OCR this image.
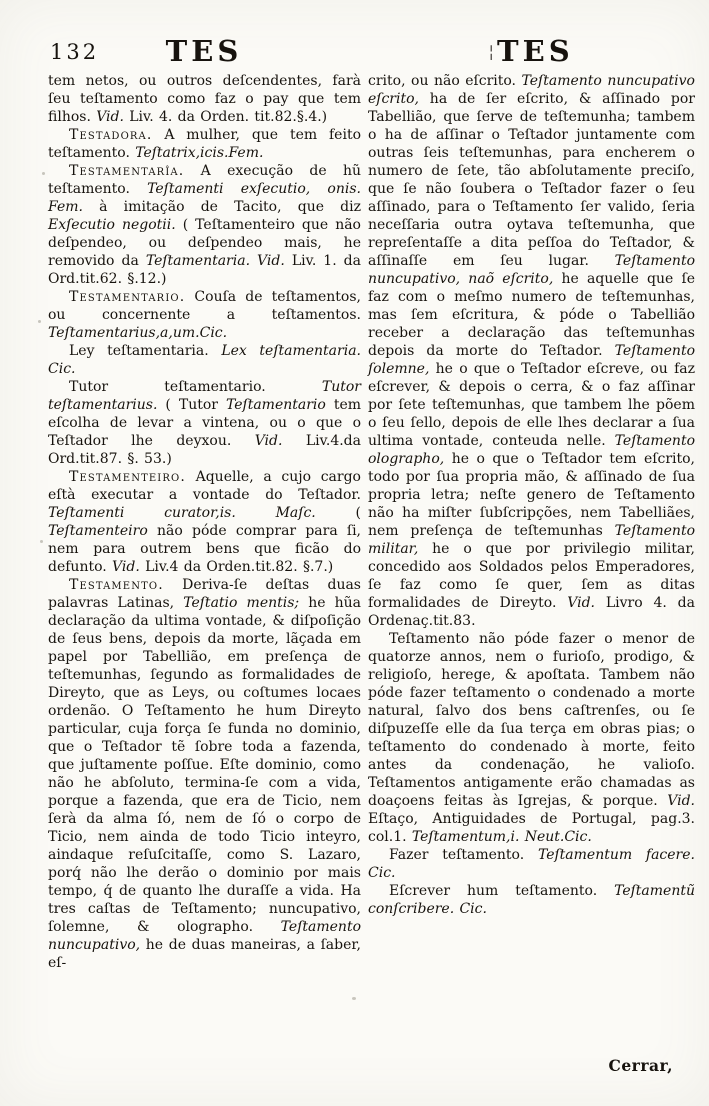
132	TES	¦ TES

tem netos, ou outros deſcendentes, farà ſeu teſtamento como faz o pay que tem filhos. Vid. Liv. 4. da Orden. tit.82.§.4.)

Testadora. A mulher, que tem feito teſtamento. Teſtatrix,icis.Fem.

Testamentarîa. A execução de hũ teſtamento. Teſtamenti exſecutio, onis. Fem. à imitação de Tacito, que diz Exſecutio negotii. ( Teſtamenteiro que não deſpendeo, ou deſpendeo mais, he removido da Teſtamentaria. Vid. Liv. 1. da Ord.tit.62. §.12.)

Testamentario. Couſa de teſtamentos, ou concernente a teſtamentos. Teſtamentarius,a,um.Cic.

Ley teſtamentaria. Lex teſtamentaria. Cic.

Tutor teſtamentario. Tutor teſtamentarius. ( Tutor Teſtamentario tem eſcolha de levar a vintena, ou o que o Teſtador lhe deyxou. Vid. Liv.4.da Ord.tit.87. §. 53.)

Testamenteiro. Aquelle, a cujo cargo eſtà executar a vontade do Teſtador. Teſtamenti curator,is. Maſc. ( Teſtamenteiro não póde comprar para ſi, nem para outrem bens que ficão do defunto. Vid. Liv.4 da Orden.tit.82. §.7.)

Testamento. Deriva-ſe deſtas duas palavras Latinas, Teſtatio mentis; he hũa declaração da ultima vontade, & diſpoſição de ſeus bens, depois da morte, lãçada em papel por Tabellião, em preſença de teſtemunhas, ſegundo as formalidades de Direyto, que as Leys, ou coſtumes locaes ordenão. O Teſtamento he hum Direyto particular, cuja força ſe funda no dominio, que o Teſtador tẽ ſobre toda a fazenda, que juſtamente poſſue. Eſte dominio, como não he abſoluto, termina-ſe com a vida, porque a fazenda, que era de Ticio, nem ſerà da alma ſó, nem de ſó o corpo de Ticio, nem ainda de todo Ticio inteyro, aindaque reſuſcitaſſe, como S. Lazaro, porq́ não lhe derão o dominio por mais tempo, q́ de quanto lhe duraſſe a vida. Ha tres caſtas de Teſtamento; nuncupativo, ſolemne, & olographo. Teſtamento nuncupativo, he de duas maneiras, a ſaber, eſ-

crito, ou não eſcrito. Teſtamento nuncupativo eſcrito, ha de ſer eſcrito, & aſſinado por Tabellião, que ſerve de teſtemunha; tambem o ha de aſſinar o Teſtador juntamente com outras ſeis teſtemunhas, para encherem o numero de ſete, tão abſolutamente preciſo, que ſe não ſoubera o Teſtador fazer o ſeu aſſinado, para o Teſtamento ſer valido, ſeria neceſſaria outra oytava teſtemunha, que repreſentaſſe a dita peſſoa do Teſtador, & aſſinaſſe em ſeu lugar. Teſtamento nuncupativo, naõ eſcrito, he aquelle que ſe faz com o meſmo numero de teſtemunhas, mas ſem eſcritura, & póde o Tabellião receber a declaração das teſtemunhas depois da morte do Teſtador. Teſtamento ſolemne, he o que o Teſtador eſcreve, ou faz eſcrever, & depois o cerra, & o faz aſſinar por ſete teſtemunhas, que tambem lhe põem o ſeu ſello, depois de elle lhes declarar a ſua ultima vontade, conteuda nelle. Teſtamento olographo, he o que o Teſtador tem eſcrito, todo por ſua propria mão, & aſſinado de ſua propria letra; neſte genero de Teſtamento não ha miſter ſubſcripções, nem Tabelliães, nem preſença de teſtemunhas Teſtamento militar, he o que por privilegio militar, concedido aos Soldados pelos Emperadores, ſe faz como ſe quer, ſem as ditas formalidades de Direyto. Vid. Livro 4. da Ordenaç.tit.83.

Teſtamento não póde fazer o menor de quatorze annos, nem o furioſo, prodigo, & religioſo, herege, & apoſtata. Tambem não póde fazer teſtamento o condenado a morte natural, ſalvo dos bens caſtrenſes, ou ſe diſpuzeſſe elle da ſua terça em obras pias; o teſtamento do condenado à morte, feito antes da condenação, he valioſo. Teſtamentos antigamente erão chamadas as doaçoens feitas às Igrejas, & porque. Vid. Eſtaço, Antiguidades de Portugal, pag.3. col.1. Teſtamentum,i. Neut.Cic.

Fazer teſtamento. Teſtamentum facere. Cic.

Eſcrever hum teſtamento. Teſtamentũ conſcribere. Cic.

Cerrar,
